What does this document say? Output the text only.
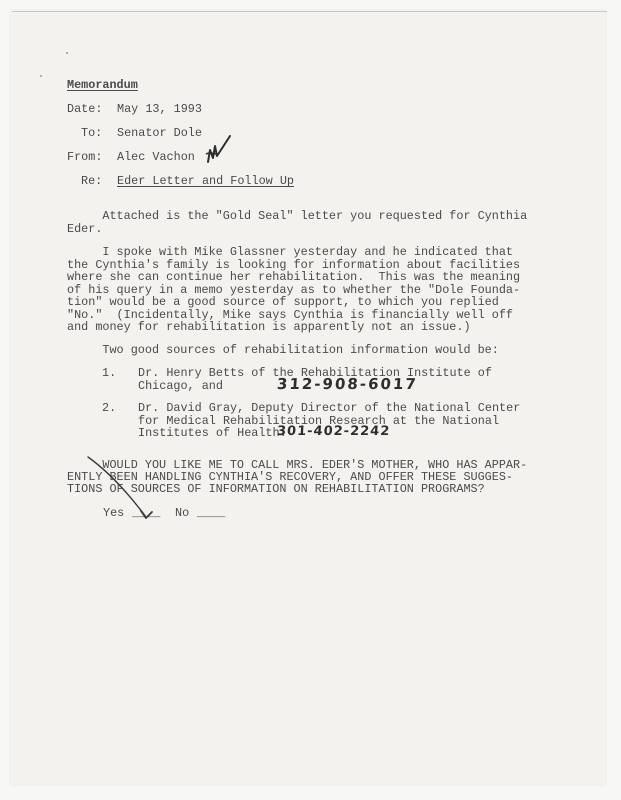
Memorandum
Date: May 13, 1993
To: Senator Dole
From: Alec Vachon
Re: Eder Letter and Follow Up
Attached is the "Gold Seal" letter you requested for Cynthia
Eder.
I spoke with Mike Glassner yesterday and he indicated that
the Cynthia's family is looking for information about facilities
where she can continue her rehabilitation.  This was the meaning
of his query in a memo yesterday as to whether the "Dole Founda-
tion" would be a good source of support, to which you replied
"No."  (Incidentally, Mike says Cynthia is financially well off
and money for rehabilitation is apparently not an issue.)
Two good sources of rehabilitation information would be:
1. Dr. Henry Betts of the Rehabilitation Institute of
Chicago, and	312-908-6017
2. Dr. David Gray, Deputy Director of the National Center
for Medical Rehabilitation Research at the National
Institutes of Health.
301-402-2242
WOULD YOU LIKE ME TO CALL MRS. EDER'S MOTHER, WHO HAS APPAR-
ENTLY BEEN HANDLING CYNTHIA'S RECOVERY, AND OFFER THESE SUGGES-
TIONS OF SOURCES OF INFORMATION ON REHABILITATION PROGRAMS?
Yes ____ No ____
